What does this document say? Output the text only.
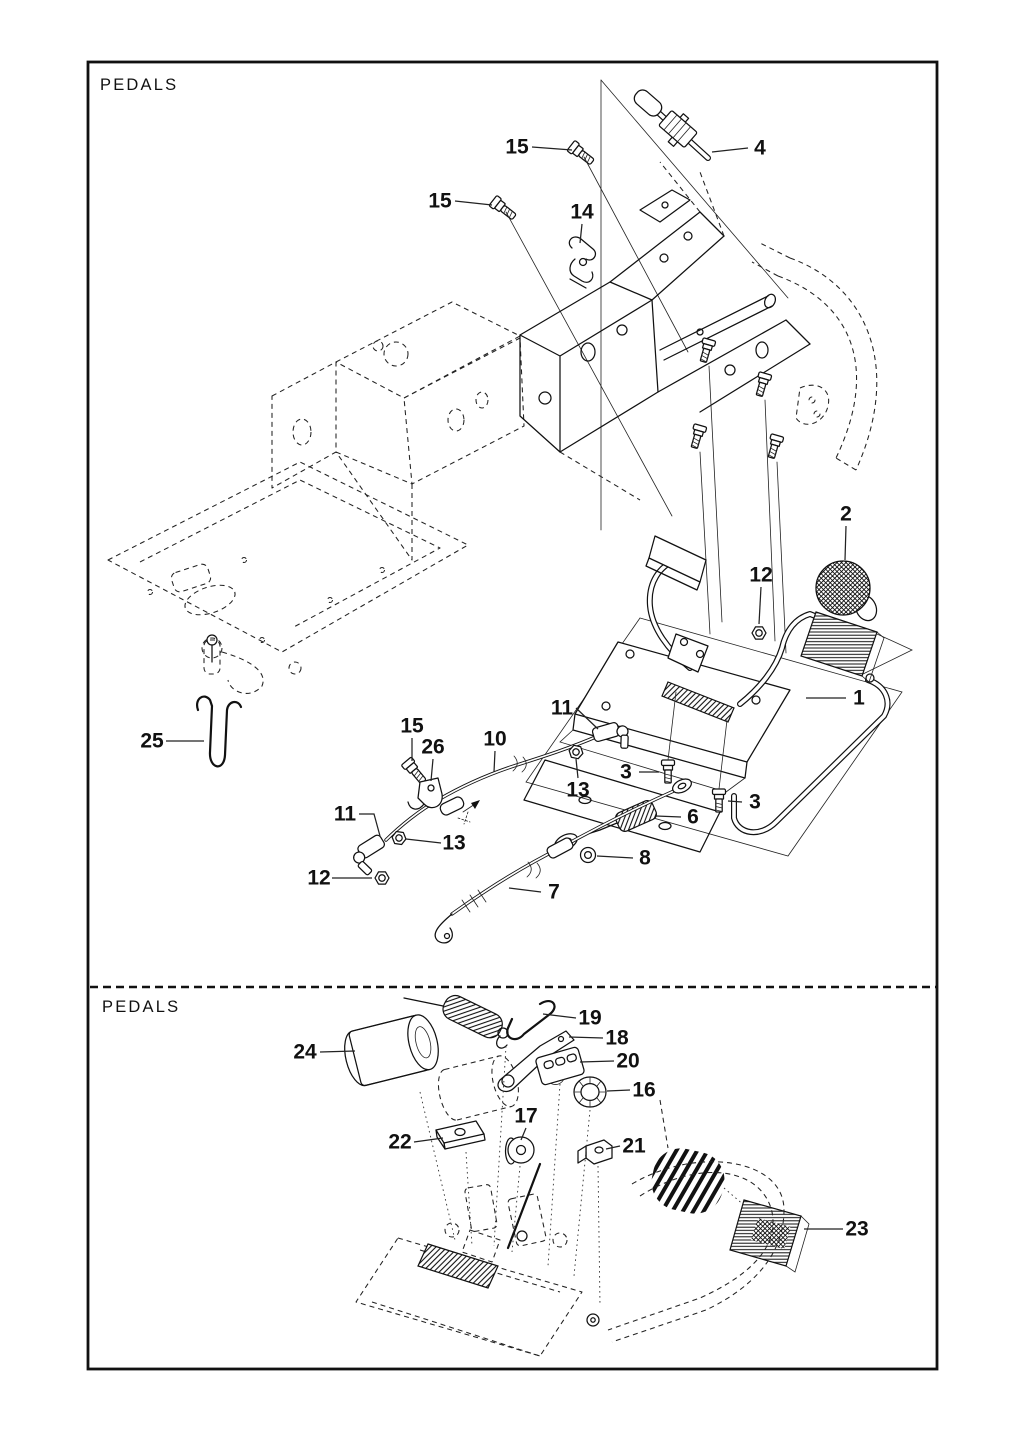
PEDALS
PEDALS
15	4
15	14
2
12
1
3
3
11
13
15
26 10
11
13
12
25
6
8
7
24
19
18
20
16
17
22	21
23
